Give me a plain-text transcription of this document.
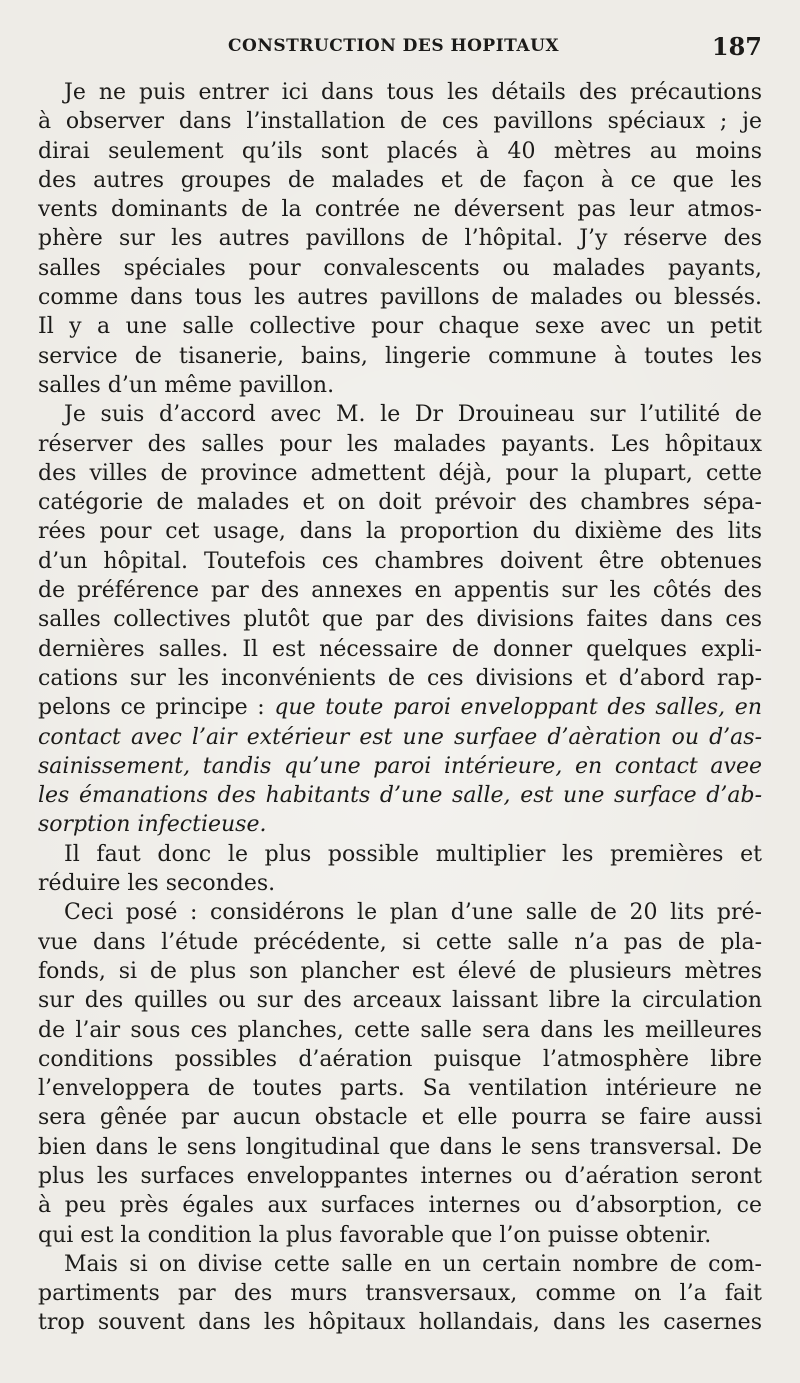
CONSTRUCTION DES HOPITAUX	187
Je ne puis entrer ici dans tous les détails des précautions
à observer dans l’installation de ces pavillons spéciaux ; je
dirai seulement qu’ils sont placés à 40 mètres au moins
des autres groupes de malades et de façon à ce que les
vents dominants de la contrée ne déversent pas leur atmos-
phère sur les autres pavillons de l’hôpital. J’y réserve des
salles spéciales pour convalescents ou malades payants,
comme dans tous les autres pavillons de malades ou blessés.
Il y a une salle collective pour chaque sexe avec un petit
service de tisanerie, bains, lingerie commune à toutes les
salles d’un même pavillon.
Je suis d’accord avec M. le Dr Drouineau sur l’utilité de
réserver des salles pour les malades payants. Les hôpitaux
des villes de province admettent déjà, pour la plupart, cette
catégorie de malades et on doit prévoir des chambres sépa-
rées pour cet usage, dans la proportion du dixième des lits
d’un hôpital. Toutefois ces chambres doivent être obtenues
de préférence par des annexes en appentis sur les côtés des
salles collectives plutôt que par des divisions faites dans ces
dernières salles. Il est nécessaire de donner quelques expli-
cations sur les inconvénients de ces divisions et d’abord rap-
pelons ce principe : que toute paroi enveloppant des salles, en
contact avec l’air extérieur est une surfaee d’aèration ou d’as-
sainissement, tandis qu’une paroi intérieure, en contact avee
les émanations des habitants d’une salle, est une surface d’ab-
sorption infectieuse.
Il faut donc le plus possible multiplier les premières et
réduire les secondes.
Ceci posé : considérons le plan d’une salle de 20 lits pré-
vue dans l’étude précédente, si cette salle n’a pas de pla-
fonds, si de plus son plancher est élevé de plusieurs mètres
sur des quilles ou sur des arceaux laissant libre la circulation
de l’air sous ces planches, cette salle sera dans les meilleures
conditions possibles d’aération puisque l’atmosphère libre
l’enveloppera de toutes parts. Sa ventilation intérieure ne
sera gênée par aucun obstacle et elle pourra se faire aussi
bien dans le sens longitudinal que dans le sens transversal. De
plus les surfaces enveloppantes internes ou d’aération seront
à peu près égales aux surfaces internes ou d’absorption, ce
qui est la condition la plus favorable que l’on puisse obtenir.
Mais si on divise cette salle en un certain nombre de com-
partiments par des murs transversaux, comme on l’a fait
trop souvent dans les hôpitaux hollandais, dans les casernes
